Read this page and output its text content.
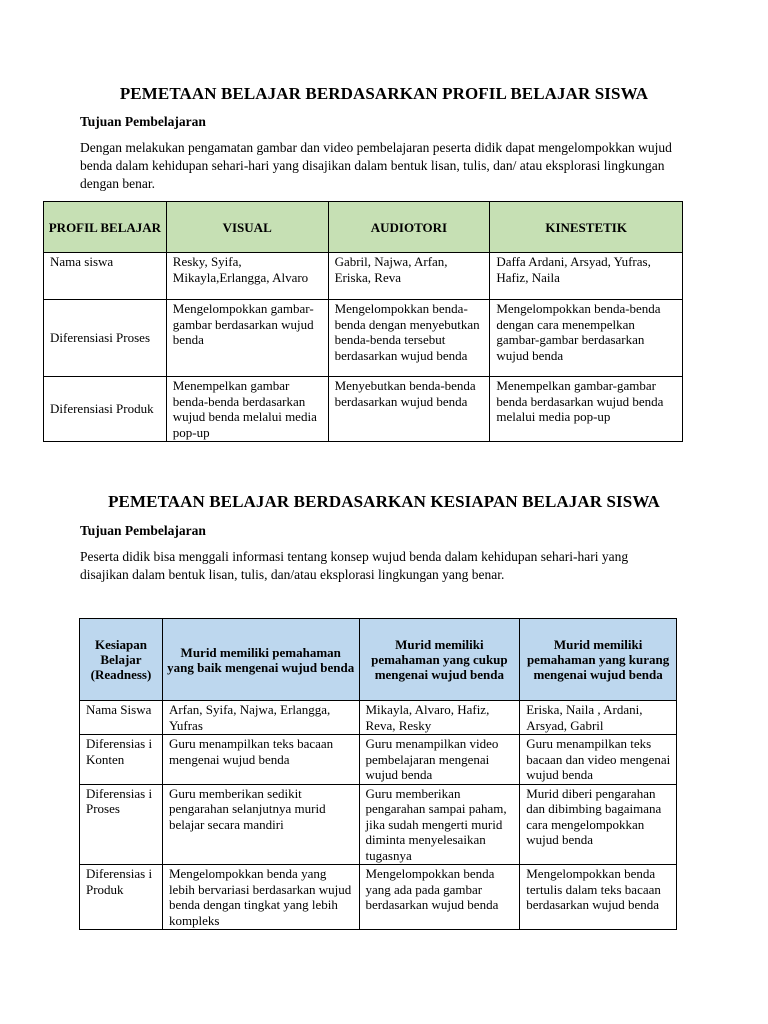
PEMETAAN BELAJAR BERDASARKAN PROFIL BELAJAR SISWA
Tujuan Pembelajaran
Dengan melakukan pengamatan gambar dan video pembelajaran peserta didik dapat mengelompokkan wujud benda dalam kehidupan sehari-hari yang disajikan dalam bentuk lisan, tulis, dan/ atau eksplorasi lingkungan dengan benar.
PROFIL BELAJAR	VISUAL	AUDIOTORI	KINESTETIK
Nama siswa	Resky, Syifa, Mikayla,Erlangga, Alvaro	Gabril, Najwa, Arfan, Eriska, Reva	Daffa Ardani, Arsyad, Yufras, Hafiz, Naila
Diferensiasi Proses	Mengelompokkan gambar-gambar berdasarkan wujud benda	Mengelompokkan benda-benda dengan menyebutkan benda-benda tersebut berdasarkan wujud benda	Mengelompokkan benda-benda dengan cara menempelkan gambar-gambar berdasarkan wujud benda
Diferensiasi Produk	Menempelkan gambar benda-benda berdasarkan wujud benda melalui media pop-up	Menyebutkan benda-benda berdasarkan wujud benda	Menempelkan gambar-gambar benda berdasarkan wujud benda melalui media pop-up
PEMETAAN BELAJAR BERDASARKAN KESIAPAN BELAJAR SISWA
Tujuan Pembelajaran
Peserta didik bisa menggali informasi tentang konsep wujud benda dalam kehidupan sehari-hari yang disajikan dalam bentuk lisan, tulis, dan/atau eksplorasi lingkungan yang benar.
Kesiapan Belajar (Readness)	Murid memiliki pemahaman yang baik mengenai wujud benda	Murid memiliki pemahaman yang cukup mengenai wujud benda	Murid memiliki pemahaman yang kurang mengenai wujud benda
Nama Siswa	Arfan, Syifa, Najwa, Erlangga, Yufras	Mikayla, Alvaro, Hafiz, Reva, Resky	Eriska, Naila , Ardani, Arsyad, Gabril
Diferensias i Konten	Guru menampilkan teks bacaan mengenai wujud benda	Guru menampilkan video pembelajaran mengenai wujud benda	Guru menampilkan teks bacaan dan video mengenai wujud benda
Diferensias i Proses	Guru memberikan sedikit pengarahan selanjutnya murid belajar secara mandiri	Guru memberikan pengarahan sampai paham, jika sudah mengerti murid diminta menyelesaikan tugasnya	Murid diberi pengarahan dan dibimbing bagaimana cara mengelompokkan wujud benda
Diferensias i Produk	Mengelompokkan benda yang lebih bervariasi berdasarkan wujud benda dengan tingkat yang lebih kompleks	Mengelompokkan benda yang ada pada gambar berdasarkan wujud benda	Mengelompokkan benda tertulis dalam teks bacaan berdasarkan wujud benda
